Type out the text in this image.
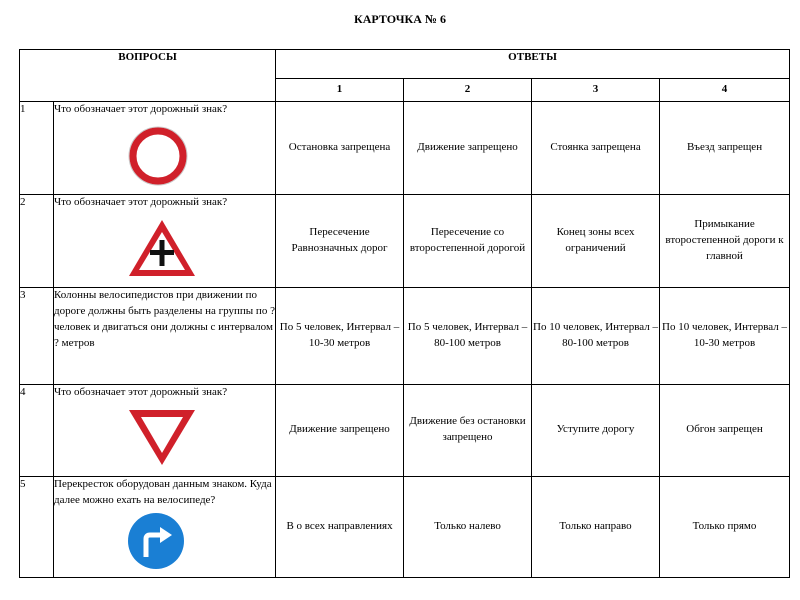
КАРТОЧКА № 6
ВОПРОСЫ		ОТВЕТЫ			
		1	2	3	4
1	Что обозначает этот дорожный знак?	Остановка запрещена	Движение запрещено	Стоянка запрещена	Въезд запрещен

2	Что обозначает этот дорожный знак?	Пересечение Равнозначных дорог	Пересечение со второстепенной дорогой	Конец зоны всех ограничений	Примыкание второстепенной дороги к главной

3	Колонны велосипедистов при движении по дороге должны быть разделены на группы по ? человек и двигаться они должны с интервалом ? метров	По 5 человек, Интервал – 10-30 метров	По 5 человек, Интервал – 80-100 метров	По 10 человек, Интервал – 80-100 метров	По 10 человек, Интервал – 10-30 метров

4	Что обозначает этот дорожный знак?	Движение запрещено	Движение без остановки запрещено	Уступите дорогу	Обгон запрещен

5	Перекресток оборудован данным знаком. Куда далее можно ехать на велосипеде?	В о всех направлениях	Только налево	Только направо	Только прямо
